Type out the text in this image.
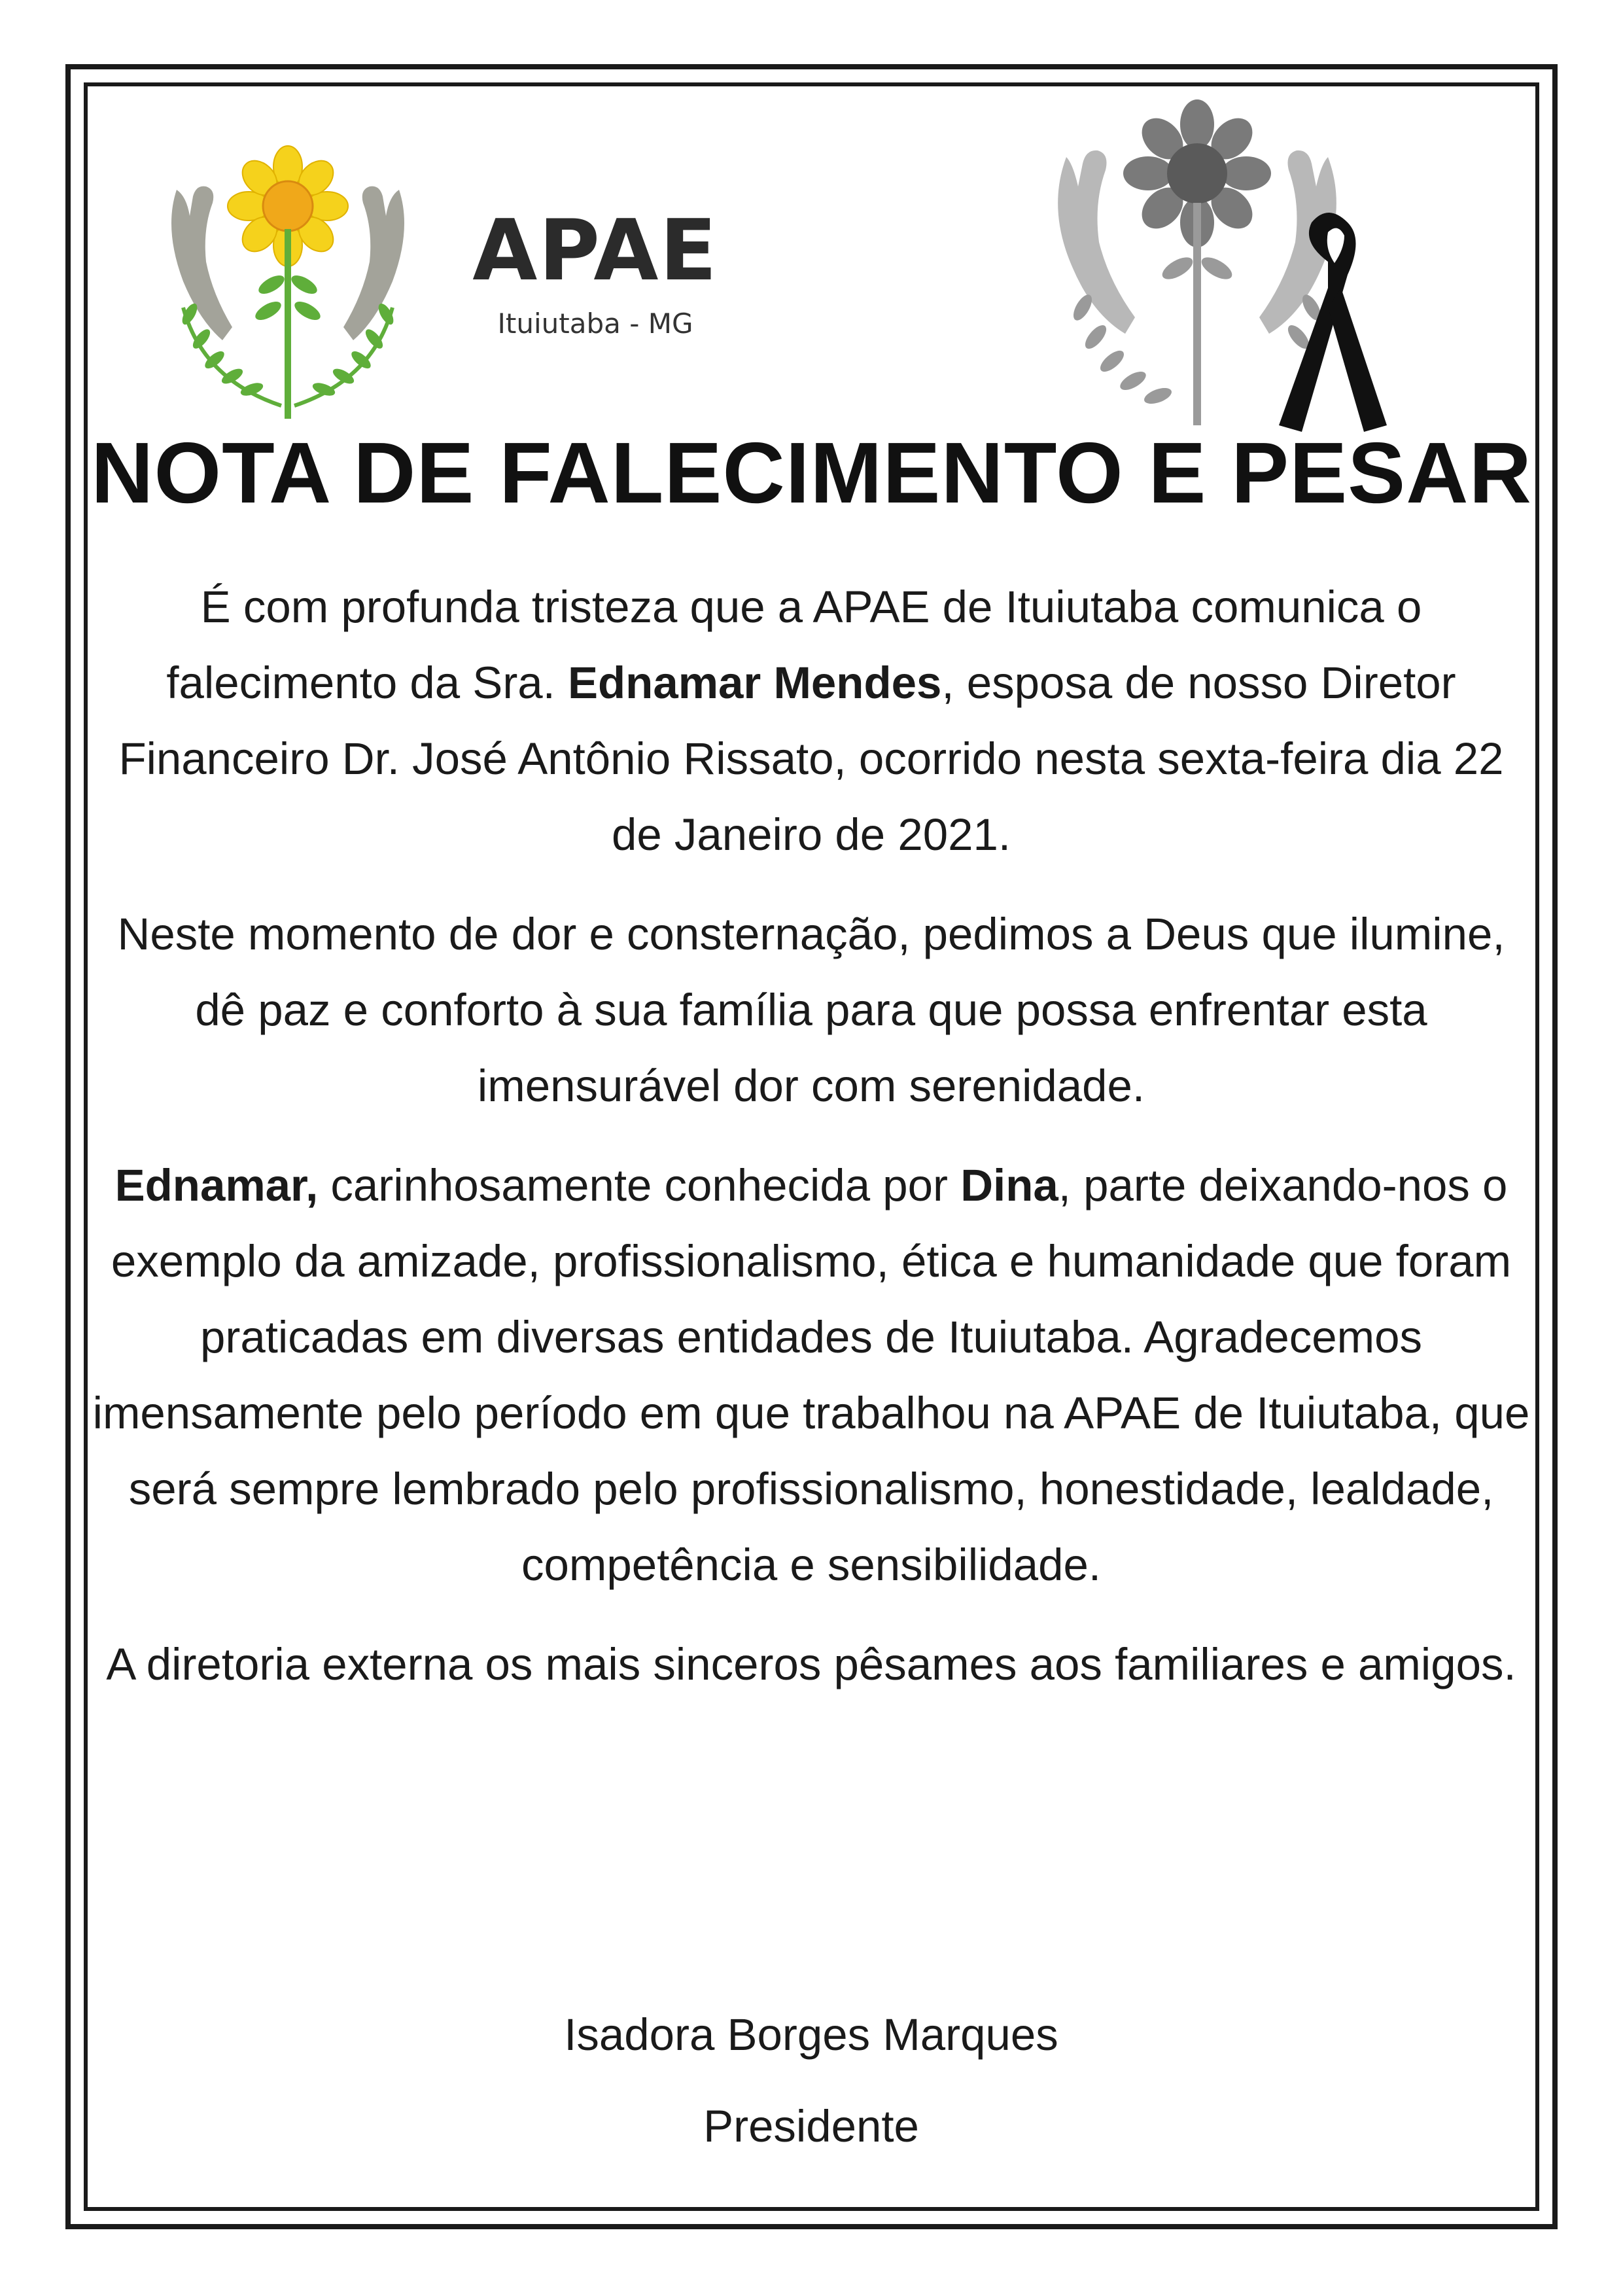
APAE
Ituiutaba - MG
NOTA DE FALECIMENTO E PESAR

É com profunda tristeza que a APAE de Ituiutaba comunica o falecimento da Sra. Ednamar Mendes, esposa de nosso Diretor Financeiro Dr. José Antônio Rissato, ocorrido nesta sexta-feira dia 22 de Janeiro de 2021.

Neste momento de dor e consternação, pedimos a Deus que ilumine, dê paz e conforto à sua família para que possa enfrentar esta imensurável dor com serenidade.

Ednamar, carinhosamente conhecida por Dina, parte deixando-nos o exemplo da amizade, profissionalismo, ética e humanidade que foram praticadas em diversas entidades de Ituiutaba. Agradecemos imensamente pelo período em que trabalhou na APAE de Ituiutaba, que será sempre lembrado pelo profissionalismo, honestidade, lealdade, competência e sensibilidade.

A diretoria externa os mais sinceros pêsames aos familiares e amigos.

Isadora Borges Marques
Presidente
